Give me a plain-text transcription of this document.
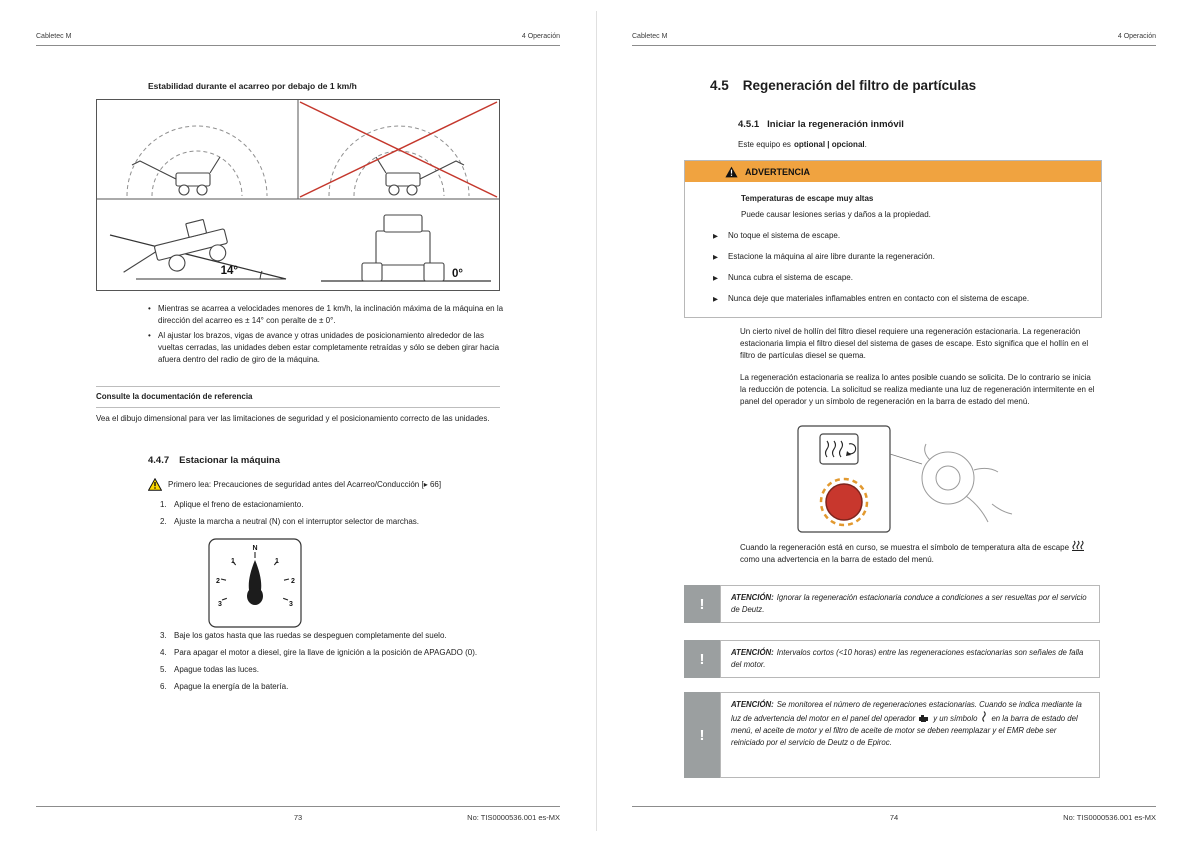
Cabletec M	4 Operación
Estabilidad durante el acarreo por debajo de 1 km/h
14°	0°
• Mientras se acarrea a velocidades menores de 1 km/h, la inclinación máxima de la máquina en la dirección del acarreo es ± 14° con peralte de ± 0°.
• Al ajustar los brazos, vigas de avance y otras unidades de posicionamiento alrededor de las vueltas cerradas, las unidades deben estar completamente retraídas y sólo se deben girar hacia afuera dentro del radio de giro de la máquina.
Consulte la documentación de referencia
Vea el dibujo dimensional para ver las limitaciones de seguridad y el posicionamiento correcto de las unidades.
4.4.7 Estacionar la máquina
Primero lea: Precauciones de seguridad antes del Acarreo/Conducción [▸ 66]
1. Aplique el freno de estacionamiento.
2. Ajuste la marcha a neutral (N) con el interruptor selector de marchas.
N
1	1
2	2
3	3
3. Baje los gatos hasta que las ruedas se despeguen completamente del suelo.
4. Para apagar el motor a diesel, gire la llave de ignición a la posición de APAGADO (0).
5. Apague todas las luces.
6. Apague la energía de la batería.
73	No: TIS0000536.001 es-MX
Cabletec M	4 Operación
4.5 Regeneración del filtro de partículas
4.5.1 Iniciar la regeneración inmóvil
Este equipo es optional | opcional.
ADVERTENCIA
Temperaturas de escape muy altas
Puede causar lesiones serias y daños a la propiedad.
▶ No toque el sistema de escape.
▶ Estacione la máquina al aire libre durante la regeneración.
▶ Nunca cubra el sistema de escape.
▶ Nunca deje que materiales inflamables entren en contacto con el sistema de escape.
Un cierto nivel de hollín del filtro diesel requiere una regeneración estacionaria. La regeneración estacionaria limpia el filtro diesel del sistema de gases de escape. Esto significa que el hollín en el filtro de partículas diesel se quema.
La regeneración estacionaria se realiza lo antes posible cuando se solicita. De lo contrario se inicia la reducción de potencia. La solicitud se realiza mediante una luz de regeneración intermitente en el panel del operador y un símbolo de regeneración en la barra de estado del menú.
Cuando la regeneración está en curso, se muestra el símbolo de temperatura alta de escapecomo una advertencia en la barra de estado del menú.
!	ATENCIÓN: Ignorar la regeneración estacionaria conduce a condiciones a ser resueltas por el servicio de Deutz.
!	ATENCIÓN: Intervalos cortos (<10 horas) entre las regeneraciones estacionarias son señales de falla del motor.
!
ATENCIÓN: Se monitorea el número de regeneraciones estacionarias. Cuando se indica mediante la luz de advertencia del motor en el panel del operador y un símbolo en la barra de estado del menú, el aceite de motor y el filtro de aceite de motor se deben reemplazar y el EMR debe ser reiniciado por el servicio de Deutz o de Epiroc.
74	No: TIS0000536.001 es-MX
